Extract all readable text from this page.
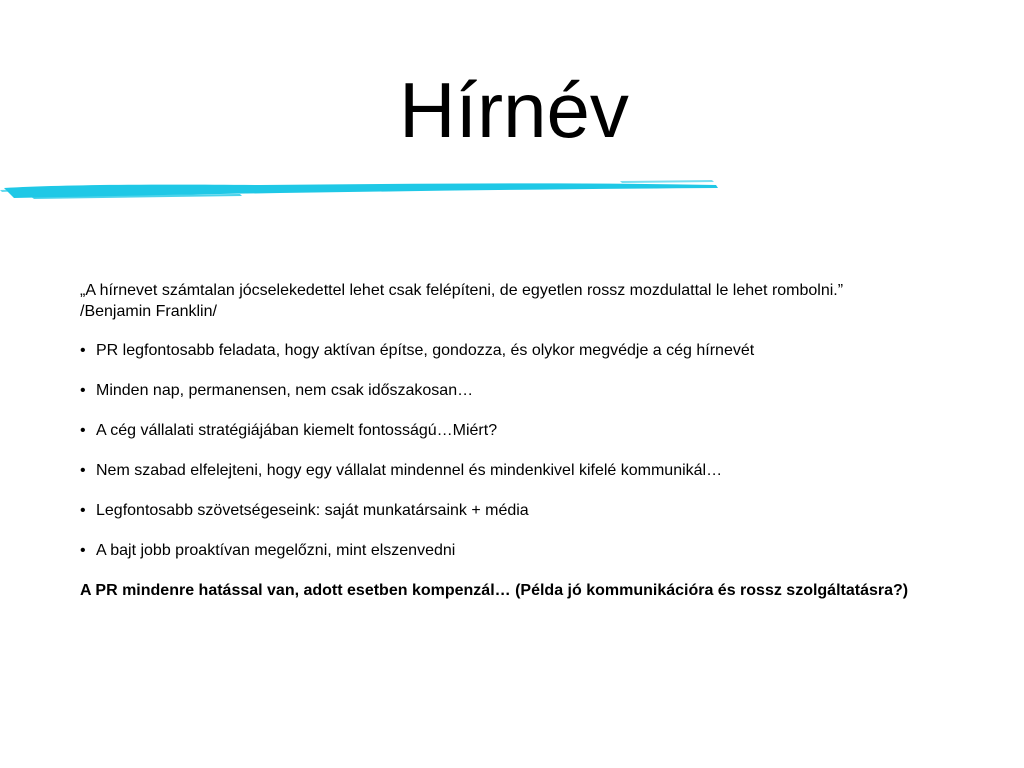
Hírnév

„A hírnevet számtalan jócselekedettel lehet csak felépíteni, de egyetlen rossz mozdulattal le lehet rombolni.”
/Benjamin Franklin/

• PR legfontosabb feladata, hogy aktívan építse, gondozza, és olykor megvédje a cég hírnevét
• Minden nap, permanensen, nem csak időszakosan…
• A cég vállalati stratégiájában kiemelt fontosságú…Miért?
• Nem szabad elfelejteni, hogy egy vállalat mindennel és mindenkivel kifelé kommunikál…
• Legfontosabb szövetségeseink: saját munkatársaink + média
• A bajt jobb proaktívan megelőzni, mint elszenvedni

A PR mindenre hatással van, adott esetben kompenzál… (Példa jó kommunikációra és rossz szolgáltatásra?)
